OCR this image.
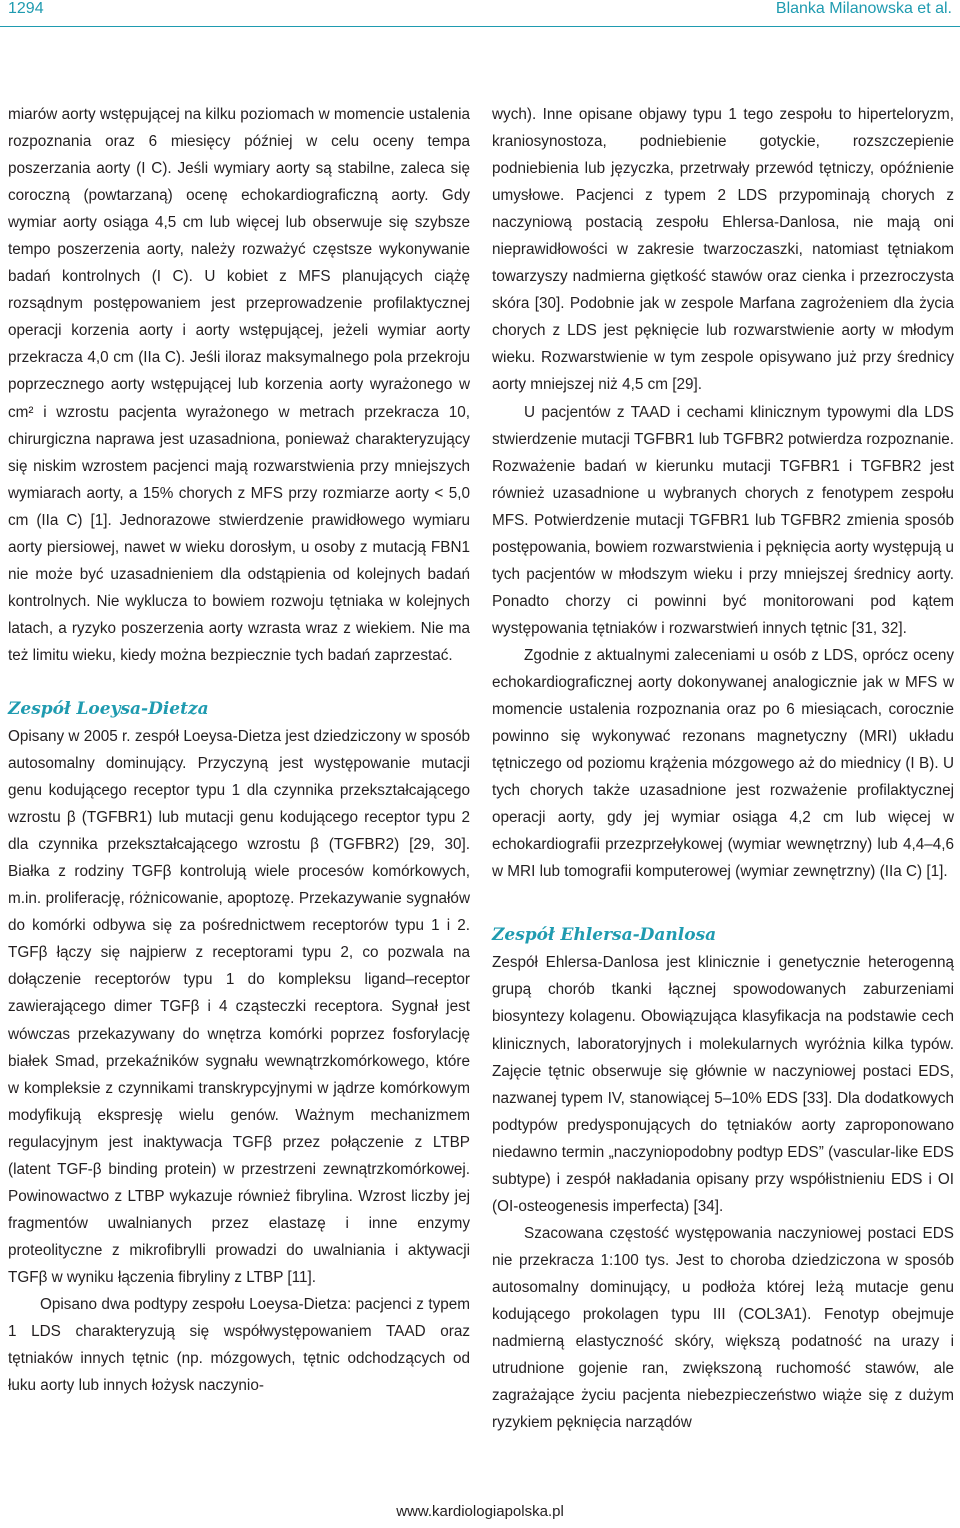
1294	Blanka Milanowska et al.

miarów aorty wstępującej na kilku poziomach w momencie ustalenia rozpoznania oraz 6 miesięcy później w celu oceny tempa poszerzania aorty (I C). Jeśli wymiary aorty są stabilne, zaleca się coroczną (powtarzaną) ocenę echokardiograficzną aorty. Gdy wymiar aorty osiąga 4,5 cm lub więcej lub obserwuje się szybsze tempo poszerzenia aorty, należy rozważyć częstsze wykonywanie badań kontrolnych (I C). U kobiet z MFS planujących ciążę rozsądnym postępowaniem jest przeprowadzenie profilaktycznej operacji korzenia aorty i aorty wstępującej, jeżeli wymiar aorty przekracza 4,0 cm (IIa C). Jeśli iloraz maksymalnego pola przekroju poprzecznego aorty wstępującej lub korzenia aorty wyrażonego w cm² i wzrostu pacjenta wyrażonego w metrach przekracza 10, chirurgiczna naprawa jest uzasadniona, ponieważ charakteryzujący się niskim wzrostem pacjenci mają rozwarstwienia przy mniejszych wymiarach aorty, a 15% chorych z MFS przy rozmiarze aorty < 5,0 cm (IIa C) [1]. Jednorazowe stwierdzenie prawidłowego wymiaru aorty piersiowej, nawet w wieku dorosłym, u osoby z mutacją FBN1 nie może być uzasadnieniem dla odstąpienia od kolejnych badań kontrolnych. Nie wyklucza to bowiem rozwoju tętniaka w kolejnych latach, a ryzyko poszerzenia aorty wzrasta wraz z wiekiem. Nie ma też limitu wieku, kiedy można bezpiecznie tych badań zaprzestać.

Zespół Loeysa-Dietza

Opisany w 2005 r. zespół Loeysa-Dietza jest dziedziczony w sposób autosomalny dominujący. Przyczyną jest występowanie mutacji genu kodującego receptor typu 1 dla czynnika przekształcającego wzrostu β (TGFBR1) lub mutacji genu kodującego receptor typu 2 dla czynnika przekształcającego wzrostu β (TGFBR2) [29, 30]. Białka z rodziny TGFβ kontrolują wiele procesów komórkowych, m.in. proliferację, różnicowanie, apoptozę. Przekazywanie sygnałów do komórki odbywa się za pośrednictwem receptorów typu 1 i 2. TGFβ łączy się najpierw z receptorami typu 2, co pozwala na dołączenie receptorów typu 1 do kompleksu ligand–receptor zawierającego dimer TGFβ i 4 cząsteczki receptora. Sygnał jest wówczas przekazywany do wnętrza komórki poprzez fosforylację białek Smad, przekaźników sygnału wewnątrzkomórkowego, które w kompleksie z czynnikami transkrypcyjnymi w jądrze komórkowym modyfikują ekspresję wielu genów. Ważnym mechanizmem regulacyjnym jest inaktywacja TGFβ przez połączenie z LTBP (latent TGF-β binding protein) w przestrzeni zewnątrzkomórkowej. Powinowactwo z LTBP wykazuje również fibrylina. Wzrost liczby jej fragmentów uwalnianych przez elastazę i inne enzymy proteolityczne z mikrofibrylli prowadzi do uwalniania i aktywacji TGFβ w wyniku łączenia fibryliny z LTBP [11].

Opisano dwa podtypy zespołu Loeysa-Dietza: pacjenci z typem 1 LDS charakteryzują się współwystępowaniem TAAD oraz tętniaków innych tętnic (np. mózgowych, tętnic odchodzących od łuku aorty lub innych łożysk naczynio-

wych). Inne opisane objawy typu 1 tego zespołu to hiperteloryzm, kraniosynostoza, podniebienie gotyckie, rozszczepienie podniebienia lub języczka, przetrwały przewód tętniczy, opóźnienie umysłowe. Pacjenci z typem 2 LDS przypominają chorych z naczyniową postacią zespołu Ehlersa-Danlosa, nie mają oni nieprawidłowości w zakresie twarzoczaszki, natomiast tętniakom towarzyszy nadmierna giętkość stawów oraz cienka i przezroczysta skóra [30]. Podobnie jak w zespole Marfana zagrożeniem dla życia chorych z LDS jest pęknięcie lub rozwarstwienie aorty w młodym wieku. Rozwarstwienie w tym zespole opisywano już przy średnicy aorty mniejszej niż 4,5 cm [29].

U pacjentów z TAAD i cechami klinicznym typowymi dla LDS stwierdzenie mutacji TGFBR1 lub TGFBR2 potwierdza rozpoznanie. Rozważenie badań w kierunku mutacji TGFBR1 i TGFBR2 jest również uzasadnione u wybranych chorych z fenotypem zespołu MFS. Potwierdzenie mutacji TGFBR1 lub TGFBR2 zmienia sposób postępowania, bowiem rozwarstwienia i pęknięcia aorty występują u tych pacjentów w młodszym wieku i przy mniejszej średnicy aorty. Ponadto chorzy ci powinni być monitorowani pod kątem występowania tętniaków i rozwarstwień innych tętnic [31, 32].

Zgodnie z aktualnymi zaleceniami u osób z LDS, oprócz oceny echokardiograficznej aorty dokonywanej analogicznie jak w MFS w momencie ustalenia rozpoznania oraz po 6 miesiącach, corocznie powinno się wykonywać rezonans magnetyczny (MRI) układu tętniczego od poziomu krążenia mózgowego aż do miednicy (I B). U tych chorych także uzasadnione jest rozważenie profilaktycznej operacji aorty, gdy jej wymiar osiąga 4,2 cm lub więcej w echokardiografii przezprzełykowej (wymiar wewnętrzny) lub 4,4–4,6 w MRI lub tomografii komputerowej (wymiar zewnętrzny) (IIa C) [1].

Zespół Ehlersa-Danlosa

Zespół Ehlersa-Danlosa jest klinicznie i genetycznie heterogenną grupą chorób tkanki łącznej spowodowanych zaburzeniami biosyntezy kolagenu. Obowiązująca klasyfikacja na podstawie cech klinicznych, laboratoryjnych i molekularnych wyróżnia kilka typów. Zajęcie tętnic obserwuje się głównie w naczyniowej postaci EDS, nazwanej typem IV, stanowiącej 5–10% EDS [33]. Dla dodatkowych podtypów predysponujących do tętniaków aorty zaproponowano niedawno termin „naczyniopodobny podtyp EDS” (vascular-like EDS subtype) i zespół nakładania opisany przy współistnieniu EDS i OI (OI-osteogenesis imperfecta) [34].

Szacowana częstość występowania naczyniowej postaci EDS nie przekracza 1:100 tys. Jest to choroba dziedziczona w sposób autosomalny dominujący, u podłoża której leżą mutacje genu kodującego prokolagen typu III (COL3A1). Fenotyp obejmuje nadmierną elastyczność skóry, większą podatność na urazy i utrudnione gojenie ran, zwiększoną ruchomość stawów, ale zagrażające życiu pacjenta niebezpieczeństwo wiąże się z dużym ryzykiem pęknięcia narządów

www.kardiologiapolska.pl
